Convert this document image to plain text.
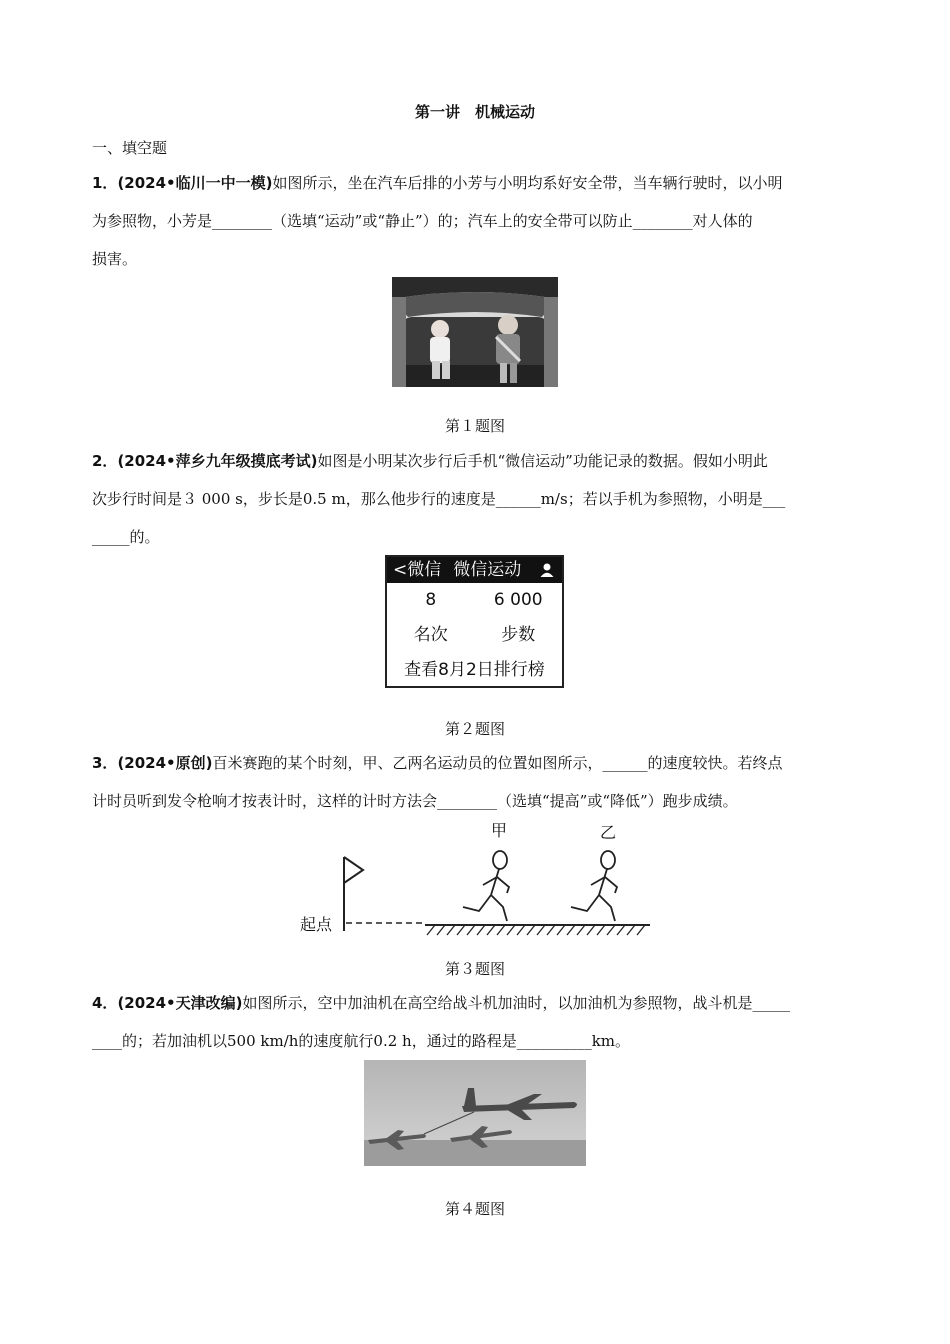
第一讲　机械运动
一、填空题
1．(2024•临川一中一模)如图所示，坐在汽车后排的小芳与小明均系好安全带，当车辆行驶时，以小明
为参照物，小芳是________（选填“运动”或“静止”）的；汽车上的安全带可以防止________对人体的
损害。
第１题图
2．(2024•萍乡九年级摸底考试)如图是小明某次步行后手机“微信运动”功能记录的数据。假如小明此
次步行时间是３ 000 s，步长是0.5 m，那么他步行的速度是______m/s；若以手机为参照物，小明是___
_____的。
<微信 微信运动
8	6 000
名次	步数
查看8月2日排行榜
第２题图
3．(2024•原创)百米赛跑的某个时刻，甲、乙两名运动员的位置如图所示，______的速度较快。若终点
计时员听到发令枪响才按表计时，这样的计时方法会________（选填“提高”或“降低”）跑步成绩。
甲	乙
起点
第３题图
4．(2024•天津改编)如图所示，空中加油机在高空给战斗机加油时，以加油机为参照物，战斗机是_____
____的；若加油机以500 km/h的速度航行0.2 h，通过的路程是__________km。
第４题图
